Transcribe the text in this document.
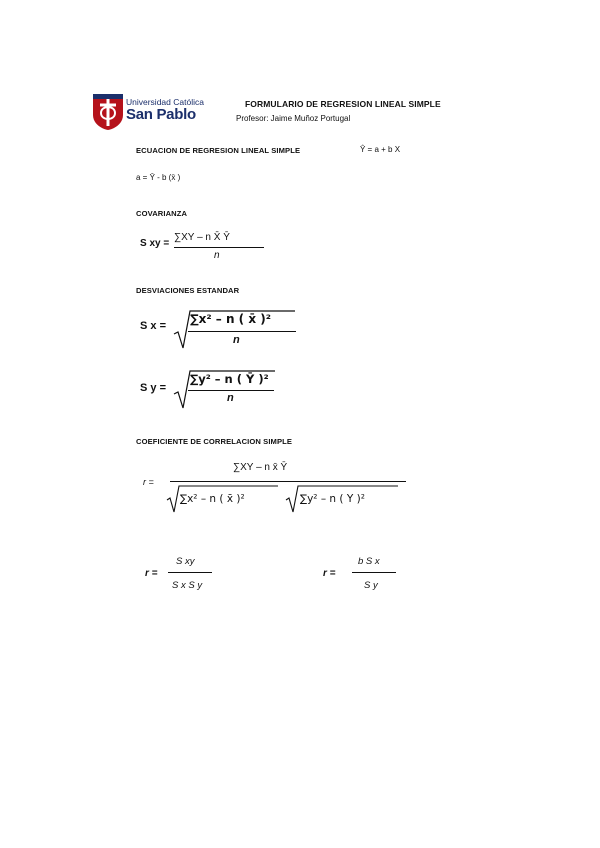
Universidad Católica
San Pablo
FORMULARIO DE REGRESION LINEAL SIMPLE
Profesor: Jaime Muñoz Portugal
ECUACION DE REGRESION LINEAL SIMPLE	Ŷ = a + b X
a = Ȳ - b (x̄ )
COVARIANZA
S xy =
∑XY – n X̄ Ȳ
n
DESVIACIONES ESTANDAR
S x = ∑x² – n ( x̄ )²
n
S y =
∑y² – n ( Ȳ )²
n
COEFICIENTE DE CORRELACION SIMPLE
r =
∑XY – n x̄ Ȳ
∑x² – n ( x̄ )²	∑y² – n ( Y )²
r =
S xy
S x S y
r =
b S x
S y
